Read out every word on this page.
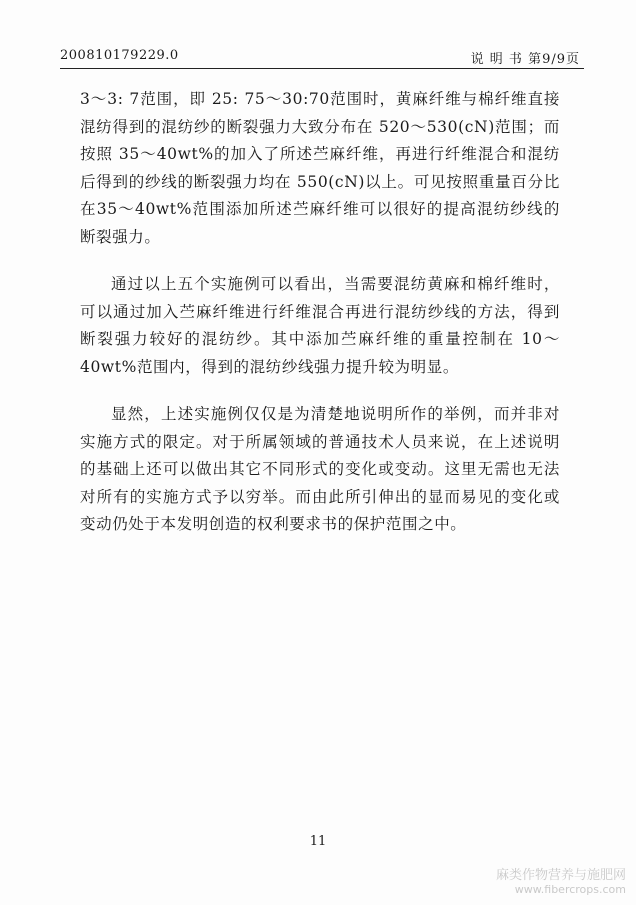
200810179229.0	说 明 书 第9/9页

3～3: 7范围，即 25: 75～30:70范围时，黄麻纤维与棉纤维直接混纺得到的混纺纱的断裂强力大致分布在 520～530(cN)范围；而按照 35～40wt%的加入了所述苎麻纤维，再进行纤维混合和混纺后得到的纱线的断裂强力均在 550(cN)以上。可见按照重量百分比在35～40wt%范围添加所述苎麻纤维可以很好的提高混纺纱线的断裂强力。

通过以上五个实施例可以看出，当需要混纺黄麻和棉纤维时，可以通过加入苎麻纤维进行纤维混合再进行混纺纱线的方法，得到断裂强力较好的混纺纱。其中添加苎麻纤维的重量控制在 10～40wt%范围内，得到的混纺纱线强力提升较为明显。

显然，上述实施例仅仅是为清楚地说明所作的举例，而并非对实施方式的限定。对于所属领域的普通技术人员来说，在上述说明的基础上还可以做出其它不同形式的变化或变动。这里无需也无法对所有的实施方式予以穷举。而由此所引伸出的显而易见的变化或变动仍处于本发明创造的权利要求书的保护范围之中。

11
麻类作物营养与施肥网
www.fibercrops.com
